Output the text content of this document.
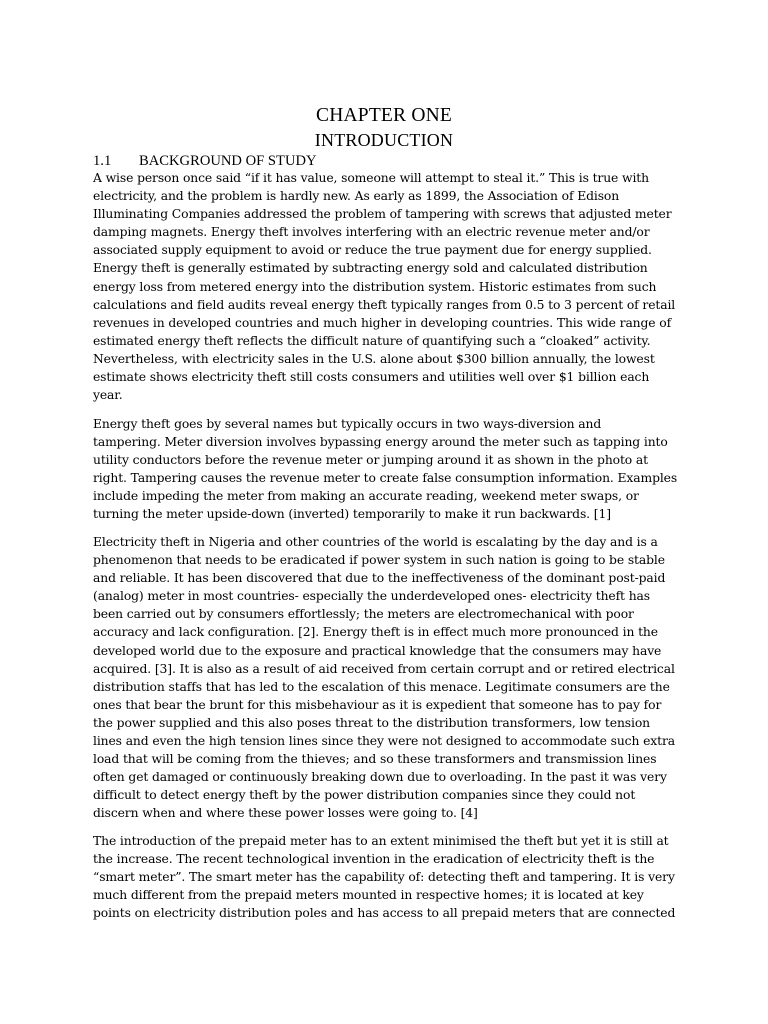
CHAPTER ONE
INTRODUCTION
1.1 BACKGROUND OF STUDY

A wise person once said “if it has value, someone will attempt to steal it.” This is true with
electricity, and the problem is hardly new. As early as 1899, the Association of Edison
Illuminating Companies addressed the problem of tampering with screws that adjusted meter
damping magnets. Energy theft involves interfering with an electric revenue meter and/or
associated supply equipment to avoid or reduce the true payment due for energy supplied.
Energy theft is generally estimated by subtracting energy sold and calculated distribution
energy loss from metered energy into the distribution system. Historic estimates from such
calculations and field audits reveal energy theft typically ranges from 0.5 to 3 percent of retail
revenues in developed countries and much higher in developing countries. This wide range of
estimated energy theft reflects the difficult nature of quantifying such a “cloaked” activity.
Nevertheless, with electricity sales in the U.S. alone about $300 billion annually, the lowest
estimate shows electricity theft still costs consumers and utilities well over $1 billion each
year.

Energy theft goes by several names but typically occurs in two ways-diversion and
tampering. Meter diversion involves bypassing energy around the meter such as tapping into
utility conductors before the revenue meter or jumping around it as shown in the photo at
right. Tampering causes the revenue meter to create false consumption information. Examples
include impeding the meter from making an accurate reading, weekend meter swaps, or
turning the meter upside-down (inverted) temporarily to make it run backwards. [1]

Electricity theft in Nigeria and other countries of the world is escalating by the day and is a
phenomenon that needs to be eradicated if power system in such nation is going to be stable
and reliable. It has been discovered that due to the ineffectiveness of the dominant post-paid
(analog) meter in most countries- especially the underdeveloped ones- electricity theft has
been carried out by consumers effortlessly; the meters are electromechanical with poor
accuracy and lack configuration. [2]. Energy theft is in effect much more pronounced in the
developed world due to the exposure and practical knowledge that the consumers may have
acquired. [3]. It is also as a result of aid received from certain corrupt and or retired electrical
distribution staffs that has led to the escalation of this menace. Legitimate consumers are the
ones that bear the brunt for this misbehaviour as it is expedient that someone has to pay for
the power supplied and this also poses threat to the distribution transformers, low tension
lines and even the high tension lines since they were not designed to accommodate such extra
load that will be coming from the thieves; and so these transformers and transmission lines
often get damaged or continuously breaking down due to overloading. In the past it was very
difficult to detect energy theft by the power distribution companies since they could not
discern when and where these power losses were going to. [4]

The introduction of the prepaid meter has to an extent minimised the theft but yet it is still at
the increase. The recent technological invention in the eradication of electricity theft is the
“smart meter”. The smart meter has the capability of: detecting theft and tampering. It is very
much different from the prepaid meters mounted in respective homes; it is located at key
points on electricity distribution poles and has access to all prepaid meters that are connected
